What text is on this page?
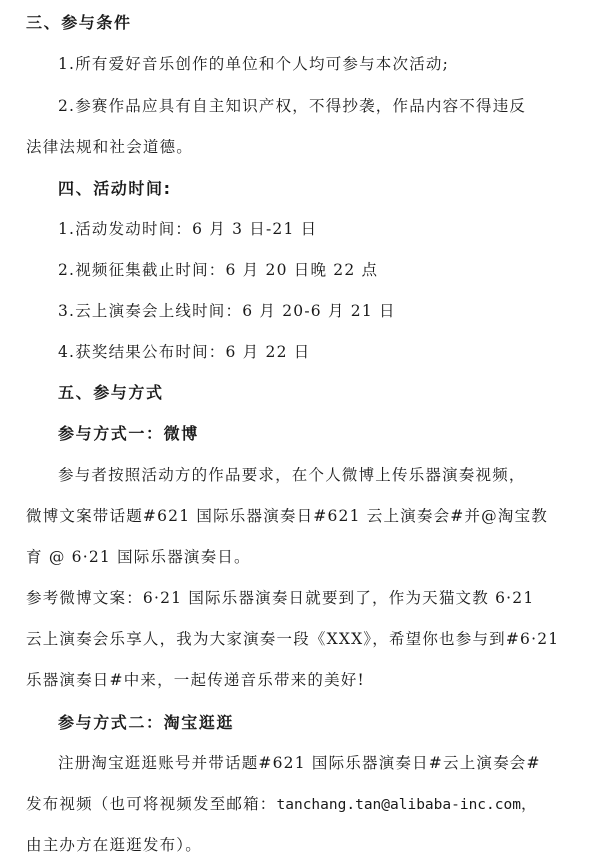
三、参与条件
1.所有爱好音乐创作的单位和个人均可参与本次活动;
2.参赛作品应具有自主知识产权，不得抄袭，作品内容不得违反
法律法规和社会道德。
四、活动时间:
1.活动发动时间：6 月 3 日-21 日
2.视频征集截止时间：6 月 20 日晚 22 点
3.云上演奏会上线时间：6 月 20-6 月 21 日
4.获奖结果公布时间：6 月 22 日
五、参与方式
参与方式一：微博
参与者按照活动方的作品要求，在个人微博上传乐器演奏视频，
微博文案带话题#621 国际乐器演奏日#621 云上演奏会#并@淘宝教
育 @ 6·21 国际乐器演奏日。
参考微博文案：6·21 国际乐器演奏日就要到了，作为天猫文教 6·21
云上演奏会乐享人，我为大家演奏一段《XXX》，希望你也参与到#6·21
乐器演奏日#中来，一起传递音乐带来的美好!
参与方式二：淘宝逛逛
注册淘宝逛逛账号并带话题#621 国际乐器演奏日#云上演奏会#
发布视频（也可将视频发至邮箱：tanchang.tan@alibaba-inc.com，
由主办方在逛逛发布）。
